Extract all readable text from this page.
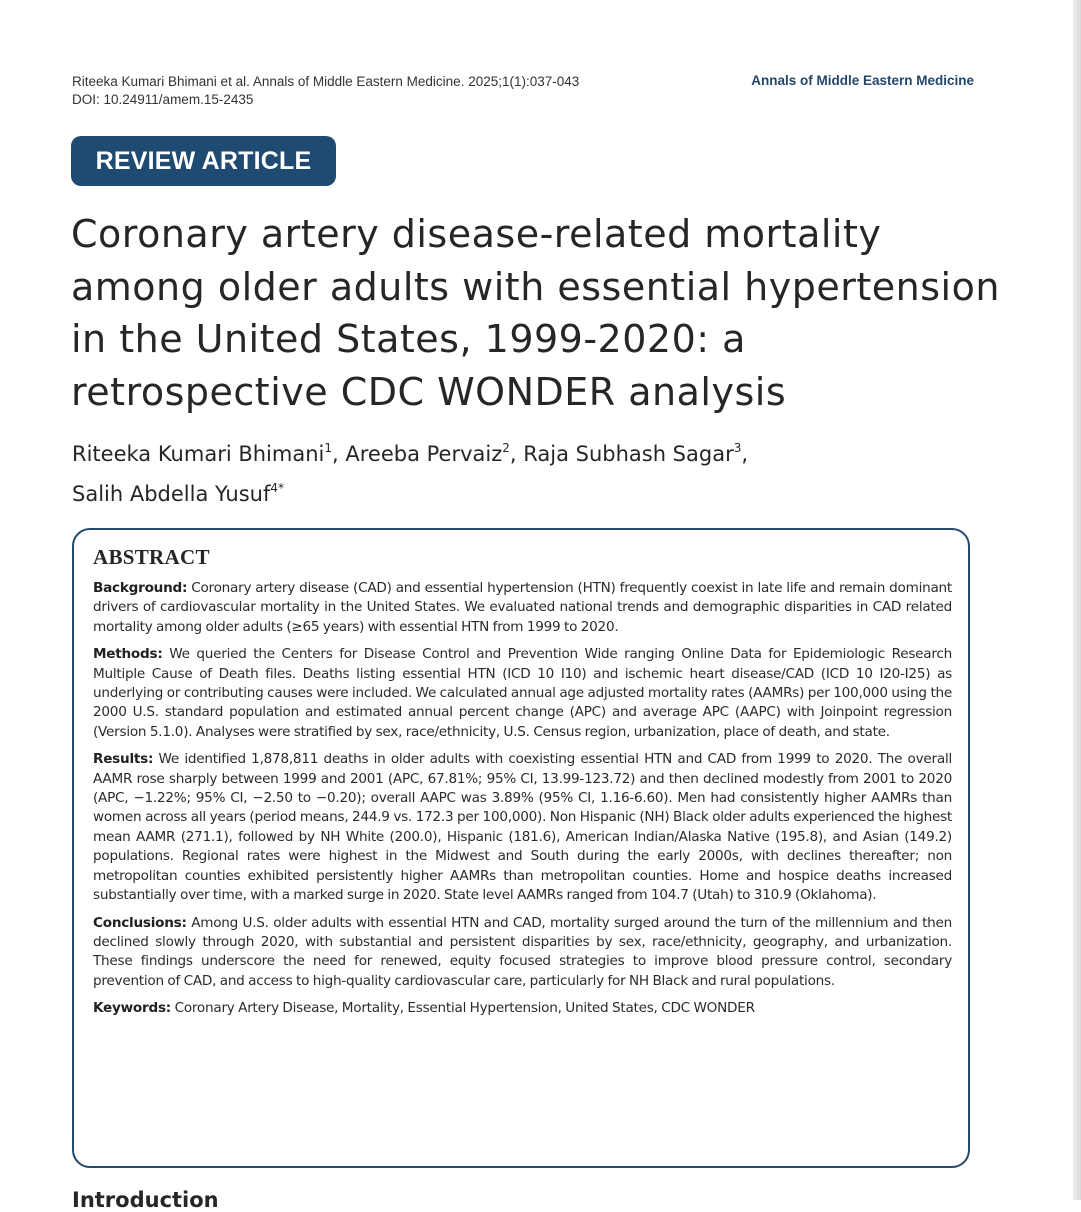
Riteeka Kumari Bhimani et al. Annals of Middle Eastern Medicine. 2025;1(1):037-043
DOI: 10.24911/amem.15-2435
Annals of Middle Eastern Medicine
REVIEW ARTICLE
Coronary artery disease-related mortality among older adults with essential hypertension in the United States, 1999-2020: a retrospective CDC WONDER analysis
Riteeka Kumari Bhimani$^1$, Areeba Pervaiz$^2$, Raja Subhash Sagar$^3$,
Salih Abdella Yusuf$^{4*}$
ABSTRACT

Background: Coronary artery disease (CAD) and essential hypertension (HTN) frequently coexist in late life and remain dominant drivers of cardiovascular mortality in the United States. We evaluated national trends and demographic disparities in CAD related mortality among older adults (≥65 years) with essential HTN from 1999 to 2020.

Methods: We queried the Centers for Disease Control and Prevention Wide ranging Online Data for Epidemiologic Research Multiple Cause of Death files. Deaths listing essential HTN (ICD 10 I10) and ischemic heart disease/CAD (ICD 10 I20-I25) as underlying or contributing causes were included. We calculated annual age adjusted mortality rates (AAMRs) per 100,000 using the 2000 U.S. standard population and estimated annual percent change (APC) and average APC (AAPC) with Joinpoint regression (Version 5.1.0). Analyses were stratified by sex, race/ethnicity, U.S. Census region, urbanization, place of death, and state.

Results: We identified 1,878,811 deaths in older adults with coexisting essential HTN and CAD from 1999 to 2020. The overall AAMR rose sharply between 1999 and 2001 (APC, 67.81%; 95% CI, 13.99-123.72) and then declined modestly from 2001 to 2020 (APC, −1.22%; 95% CI, −2.50 to −0.20); overall AAPC was 3.89% (95% CI, 1.16-6.60). Men had consistently higher AAMRs than women across all years (period means, 244.9 vs. 172.3 per 100,000). Non Hispanic (NH) Black older adults experienced the highest mean AAMR (271.1), followed by NH White (200.0), Hispanic (181.6), American Indian/Alaska Native (195.8), and Asian (149.2) populations. Regional rates were highest in the Midwest and South during the early 2000s, with declines thereafter; non metropolitan counties exhibited persistently higher AAMRs than metropolitan counties. Home and hospice deaths increased substantially over time, with a marked surge in 2020. State level AAMRs ranged from 104.7 (Utah) to 310.9 (Oklahoma).

Conclusions: Among U.S. older adults with essential HTN and CAD, mortality surged around the turn of the millennium and then declined slowly through 2020, with substantial and persistent disparities by sex, race/ethnicity, geography, and urbanization. These findings underscore the need for renewed, equity focused strategies to improve blood pressure control, secondary prevention of CAD, and access to high-quality cardiovascular care, particularly for NH Black and rural populations.

Keywords: Coronary Artery Disease, Mortality, Essential Hypertension, United States, CDC WONDER

Introduction
